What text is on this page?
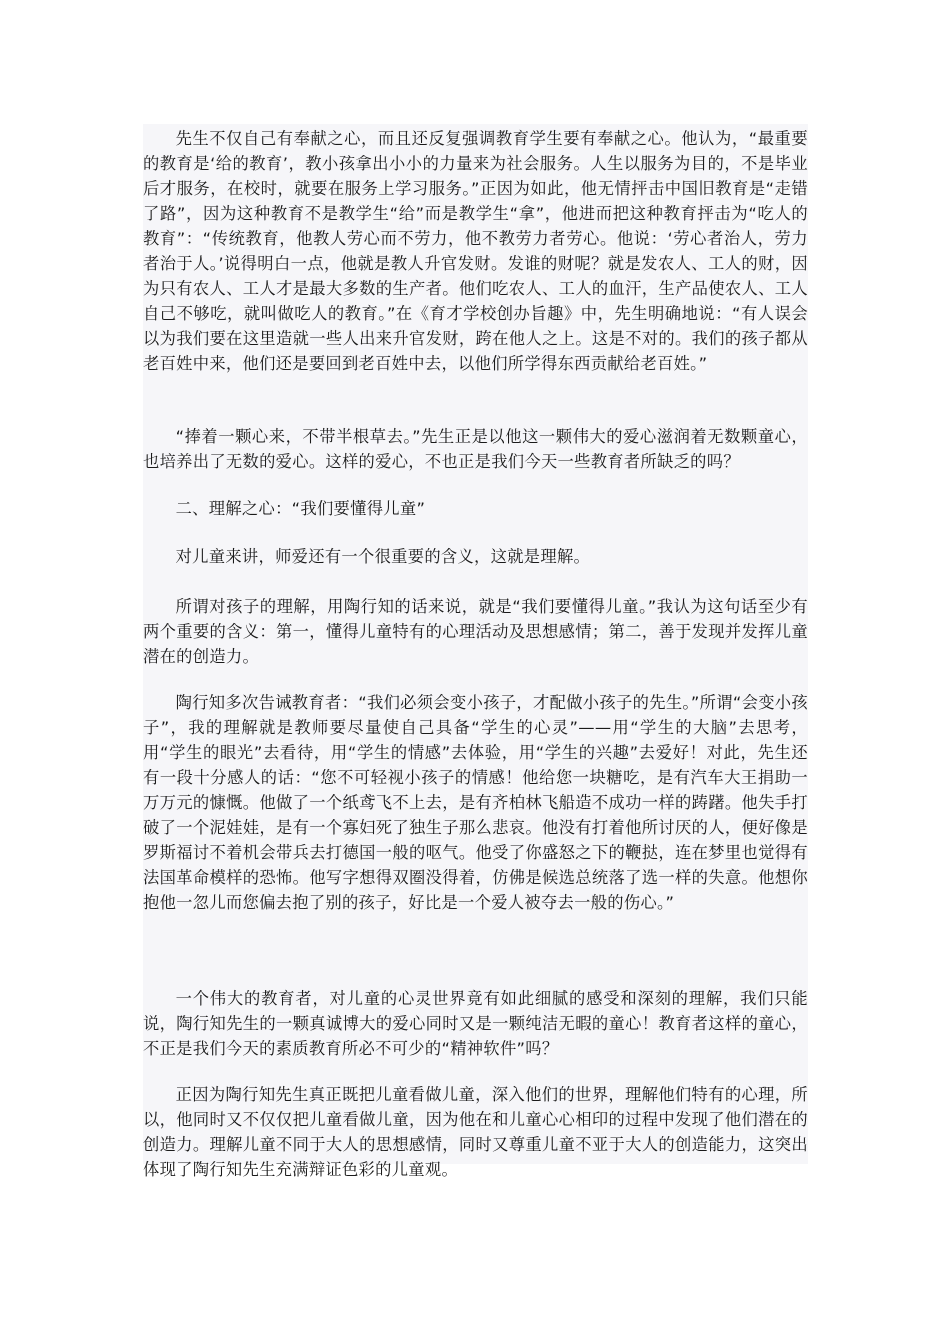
先生不仅自己有奉献之心，而且还反复强调教育学生要有奉献之心。他认为，“最重要的教育是‘给的教育’，教小孩拿出小小的力量来为社会服务。人生以服务为目的，不是毕业后才服务，在校时，就要在服务上学习服务。”正因为如此，他无情抨击中国旧教育是“走错了路”，因为这种教育不是教学生“给”而是教学生“拿”，他进而把这种教育抨击为“吃人的教育”：“传统教育，他教人劳心而不劳力，他不教劳力者劳心。他说：‘劳心者治人，劳力者治于人。’说得明白一点，他就是教人升官发财。发谁的财呢？就是发农人、工人的财，因为只有农人、工人才是最大多数的生产者。他们吃农人、工人的血汗，生产品使农人、工人自己不够吃，就叫做吃人的教育。”在《育才学校创办旨趣》中，先生明确地说：“有人误会以为我们要在这里造就一些人出来升官发财，跨在他人之上。这是不对的。我们的孩子都从老百姓中来，他们还是要回到老百姓中去，以他们所学得东西贡献给老百姓。”

“捧着一颗心来，不带半根草去。”先生正是以他这一颗伟大的爱心滋润着无数颗童心，也培养出了无数的爱心。这样的爱心，不也正是我们今天一些教育者所缺乏的吗？

二、理解之心：“我们要懂得儿童”

对儿童来讲，师爱还有一个很重要的含义，这就是理解。

所谓对孩子的理解，用陶行知的话来说，就是“我们要懂得儿童。”我认为这句话至少有两个重要的含义：第一，懂得儿童特有的心理活动及思想感情；第二，善于发现并发挥儿童潜在的创造力。

陶行知多次告诫教育者：“我们必须会变小孩子，才配做小孩子的先生。”所谓“会变小孩子”，我的理解就是教师要尽量使自己具备“学生的心灵”——用“学生的大脑”去思考，用“学生的眼光”去看待，用“学生的情感”去体验，用“学生的兴趣”去爱好！对此，先生还有一段十分感人的话：“您不可轻视小孩子的情感！他给您一块糖吃，是有汽车大王捐助一万万元的慷慨。他做了一个纸鸢飞不上去，是有齐柏林飞船造不成功一样的踌躇。他失手打破了一个泥娃娃，是有一个寡妇死了独生子那么悲哀。他没有打着他所讨厌的人，便好像是罗斯福讨不着机会带兵去打德国一般的呕气。他受了你盛怒之下的鞭挞，连在梦里也觉得有法国革命模样的恐怖。他写字想得双圈没得着，仿佛是候选总统落了选一样的失意。他想你抱他一忽儿而您偏去抱了别的孩子，好比是一个爱人被夺去一般的伤心。”

一个伟大的教育者，对儿童的心灵世界竟有如此细腻的感受和深刻的理解，我们只能说，陶行知先生的一颗真诚博大的爱心同时又是一颗纯洁无暇的童心！教育者这样的童心，不正是我们今天的素质教育所必不可少的“精神软件”吗？

正因为陶行知先生真正既把儿童看做儿童，深入他们的世界，理解他们特有的心理，所以，他同时又不仅仅把儿童看做儿童，因为他在和儿童心心相印的过程中发现了他们潜在的创造力。理解儿童不同于大人的思想感情，同时又尊重儿童不亚于大人的创造能力，这突出体现了陶行知先生充满辩证色彩的儿童观。
